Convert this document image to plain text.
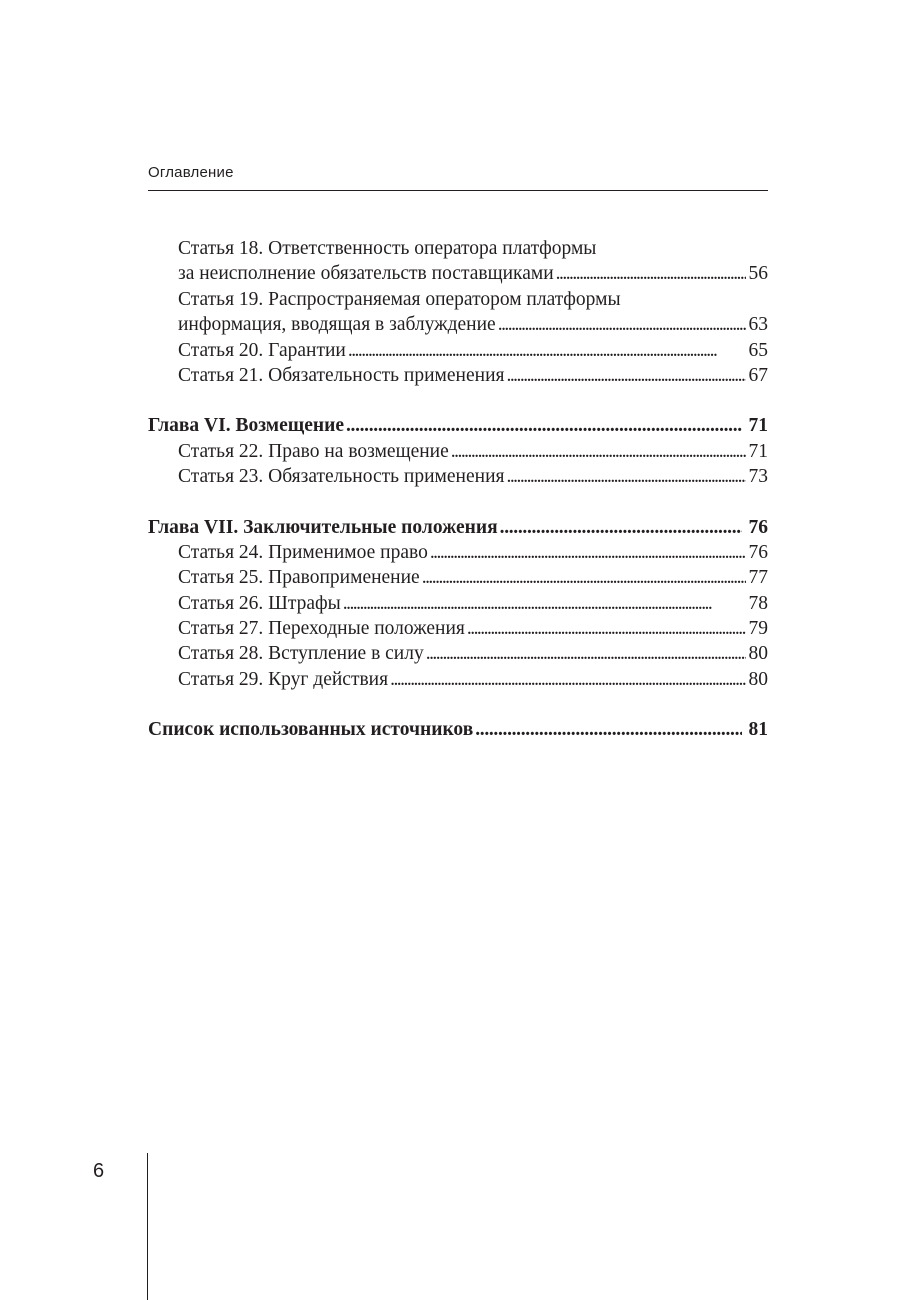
Оглавление
Статья 18. Ответственность оператора платформы
за неисполнение обязательств поставщиками . . .	56
Статья 19. Распространяемая оператором платформы
информация, вводящая в заблуждение . . .	63
Статья 20. Гарантии . . .	65
Статья 21. Обязательность применения . . .	67
Глава VI. Возмещение . . .	71
Статья 22. Право на возмещение . . .	71
Статья 23. Обязательность применения . . .	73
Глава VII. Заключительные положения . . .	76
Статья 24. Применимое право . . .	76
Статья 25. Правоприменение . . .	77
Статья 26. Штрафы . . .	78
Статья 27. Переходные положения . . .	79
Статья 28. Вступление в силу . . .	80
Статья 29. Круг действия . . .	80
Список использованных источников . . .	81
6
